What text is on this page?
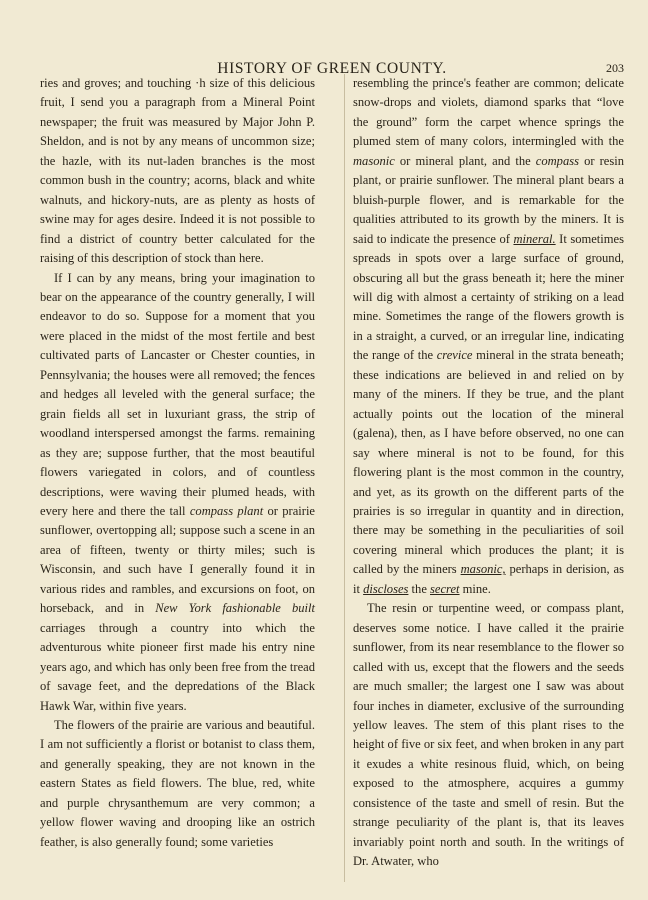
HISTORY OF GREEN COUNTY.	203

ries and groves; and touching ·h size of this delicious fruit, I send you a paragraph from a Mineral Point newspaper; the fruit was measured by Major John P. Sheldon, and is not by any means of uncommon size; the hazle, with its nut-laden branches is the most common bush in the country; acorns, black and white walnuts, and hickory-nuts, are as plenty as hosts of swine may for ages desire. Indeed it is not possible to find a district of country better calculated for the raising of this description of stock than here.

If I can by any means, bring your imagination to bear on the appearance of the country generally, I will endeavor to do so. Suppose for a moment that you were placed in the midst of the most fertile and best cultivated parts of Lancaster or Chester counties, in Pennsylvania; the houses were all removed; the fences and hedges all leveled with the general surface; the grain fields all set in luxuriant grass, the strip of woodland interspersed amongst the farms. remaining as they are; suppose further, that the most beautiful flowers variegated in colors, and of countless descriptions, were waving their plumed heads, with every here and there the tall compass plant or prairie sunflower, overtopping all; suppose such a scene in an area of fifteen, twenty or thirty miles; such is Wisconsin, and such have I generally found it in various rides and rambles, and excursions on foot, on horseback, and in New York fashionable built carriages through a country into which the adventurous white pioneer first made his entry nine years ago, and which has only been free from the tread of savage feet, and the depredations of the Black Hawk War, within five years.

The flowers of the prairie are various and beautiful. I am not sufficiently a florist or botanist to class them, and generally speaking, they are not known in the eastern States as field flowers. The blue, red, white and purple chrysanthemum are very common; a yellow flower waving and drooping like an ostrich feather, is also generally found; some varieties

resembling the prince's feather are common; delicate snow-drops and violets, diamond sparks that “love the ground” form the carpet whence springs the plumed stem of many colors, intermingled with the masonic or mineral plant, and the compass or resin plant, or prairie sunflower. The mineral plant bears a bluish-purple flower, and is remarkable for the qualities attributed to its growth by the miners. It is said to indicate the presence of mineral. It sometimes spreads in spots over a large surface of ground, obscuring all but the grass beneath it; here the miner will dig with almost a certainty of striking on a lead mine. Sometimes the range of the flowers growth is in a straight, a curved, or an irregular line, indicating the range of the crevice mineral in the strata beneath; these indications are believed in and relied on by many of the miners. If they be true, and the plant actually points out the location of the mineral (galena), then, as I have before observed, no one can say where mineral is not to be found, for this flowering plant is the most common in the country, and yet, as its growth on the different parts of the prairies is so irregular in quantity and in direction, there may be something in the peculiarities of soil covering mineral which produces the plant; it is called by the miners masonic, perhaps in derision, as it discloses the secret mine.

The resin or turpentine weed, or compass plant, deserves some notice. I have called it the prairie sunflower, from its near resemblance to the flower so called with us, except that the flowers and the seeds are much smaller; the largest one I saw was about four inches in diameter, exclusive of the surrounding yellow leaves. The stem of this plant rises to the height of five or six feet, and when broken in any part it exudes a white resinous fluid, which, on being exposed to the atmosphere, acquires a gummy consistence of the taste and smell of resin. But the strange peculiarity of the plant is, that its leaves invariably point north and south. In the writings of Dr. Atwater, who
